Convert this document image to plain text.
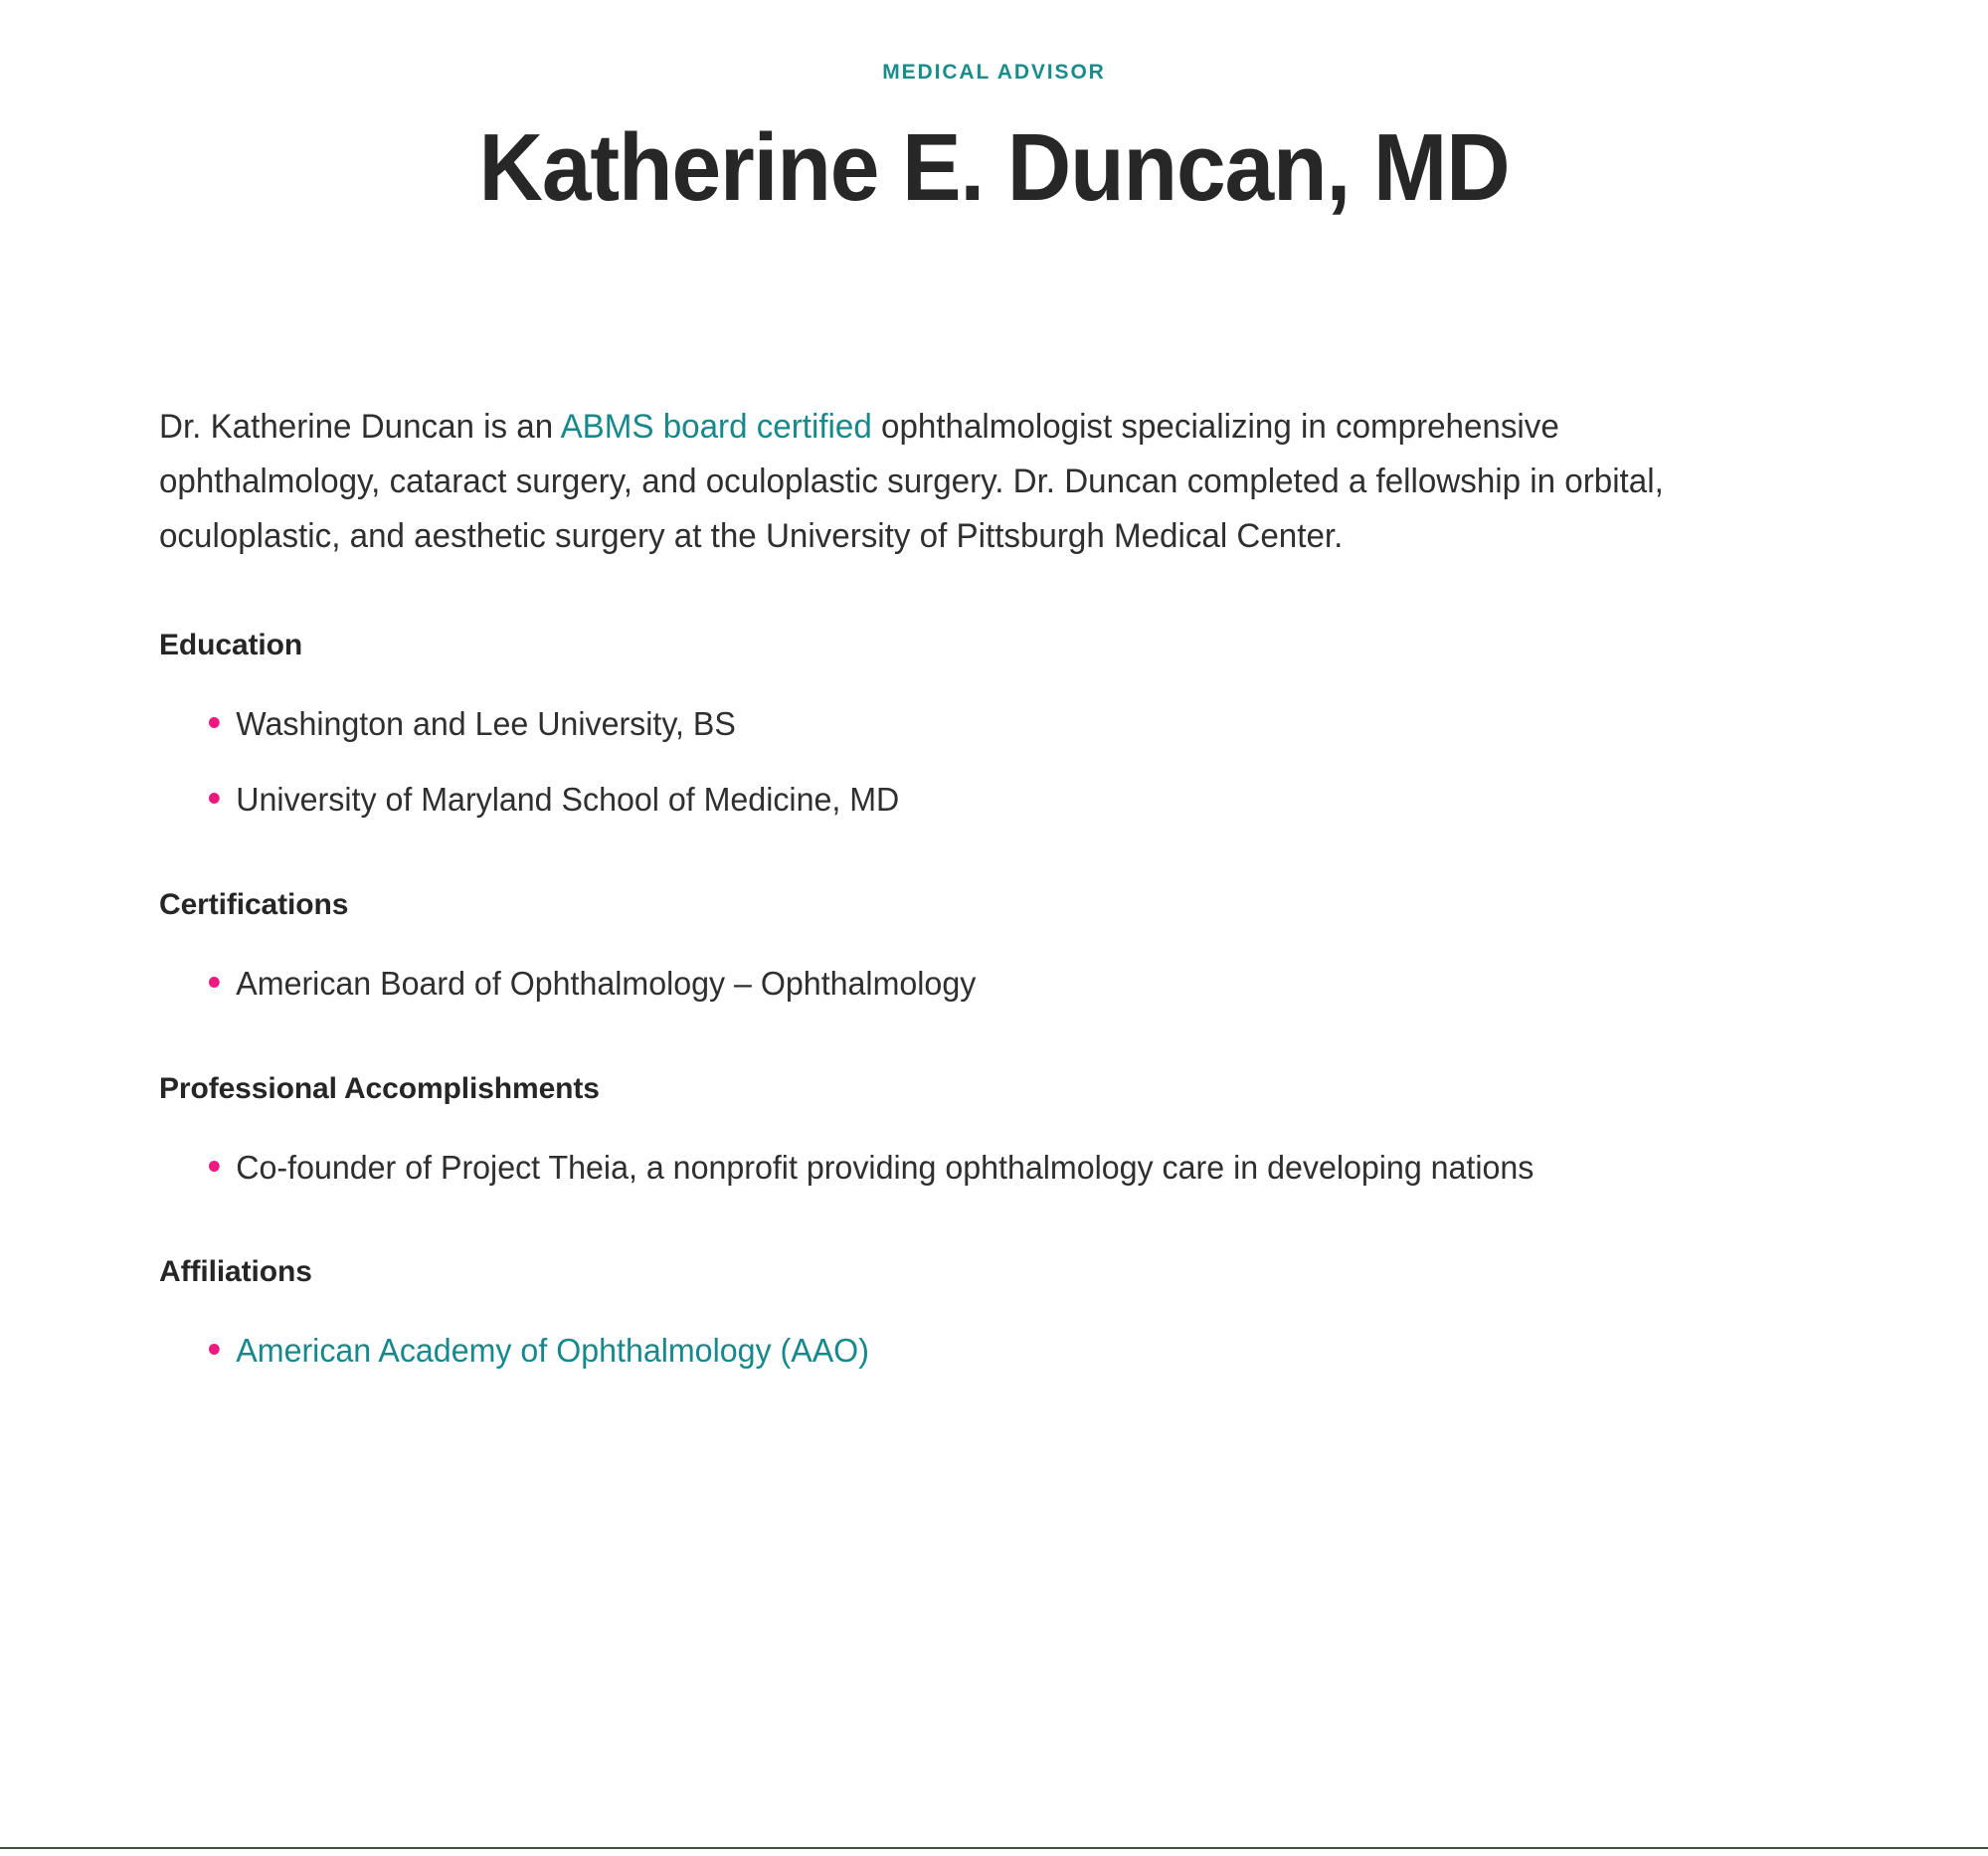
MEDICAL ADVISOR
Katherine E. Duncan, MD

Dr. Katherine Duncan is an ABMS board certified ophthalmologist specializing in comprehensive ophthalmology, cataract surgery, and oculoplastic surgery. Dr. Duncan completed a fellowship in orbital, oculoplastic, and aesthetic surgery at the University of Pittsburgh Medical Center.

Education
Washington and Lee University, BS
University of Maryland School of Medicine, MD
Certifications
American Board of Ophthalmology – Ophthalmology
Professional Accomplishments
Co-founder of Project Theia, a nonprofit providing ophthalmology care in developing nations
Affiliations
American Academy of Ophthalmology (AAO)
